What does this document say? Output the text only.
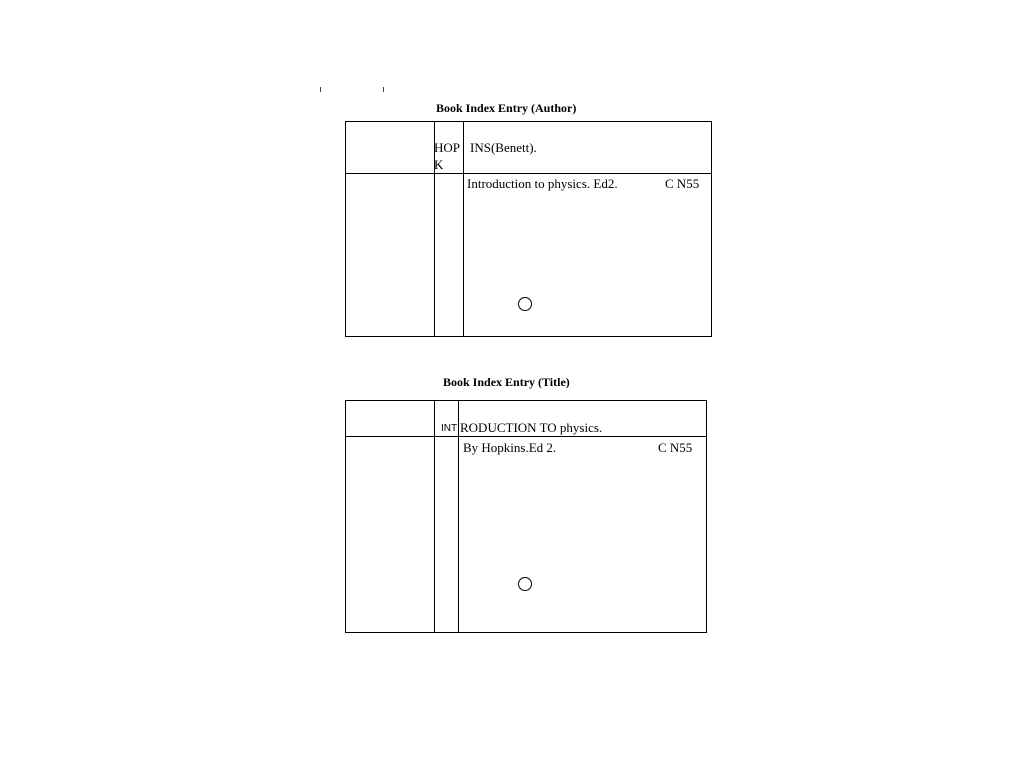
Book Index Entry (Author)
HOP
K
INS(Benett).
Introduction to physics. Ed2.	C N55
Book Index Entry (Title)
INT RODUCTION TO physics.
By Hopkins.Ed 2.	C N55
